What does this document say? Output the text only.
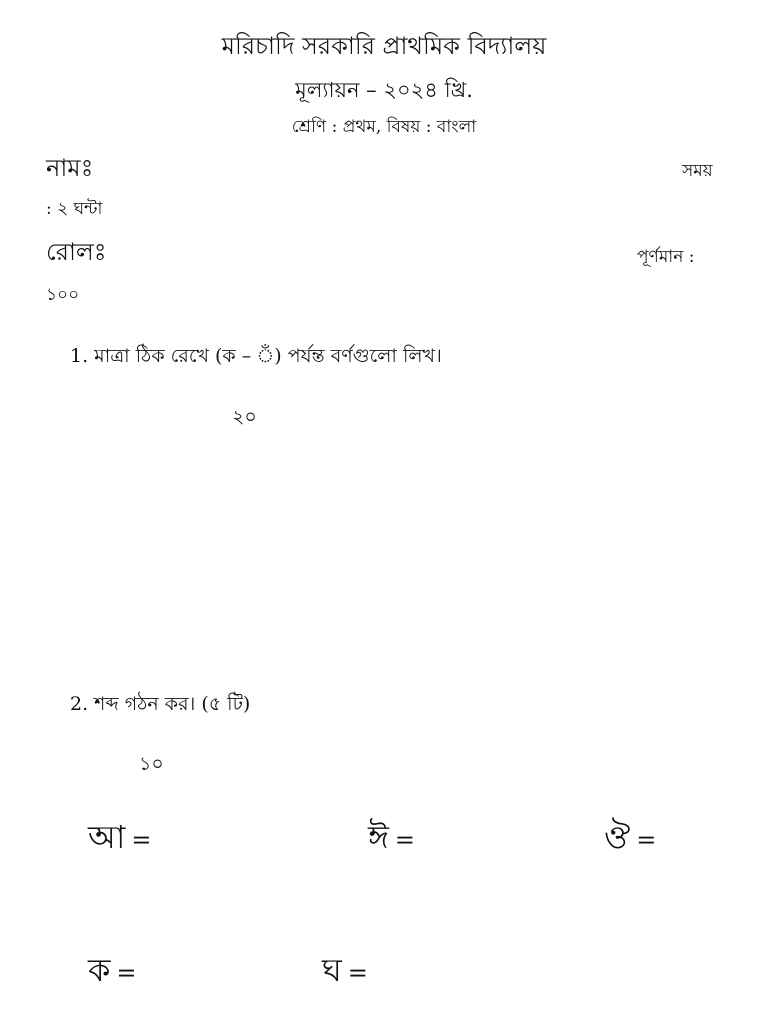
মরিচাদি সরকারি প্রাথমিক বিদ্যালয়
মূল্যায়ন – ২০২৪ খ্রি.
শ্রেণি : প্রথম, বিষয় : বাংলা
নামঃ	সময়
: ২ ঘন্টা
রোলঃ	পূর্ণমান :
১০০
1. মাত্রা ঠিক রেখে (ক – ঁ) পর্যন্ত বর্ণগুলো লিখ।
২০
2. শব্দ গঠন কর। (৫ টি)
১০
আ =	ঈ =	ঔ =
ক =	ঘ =
